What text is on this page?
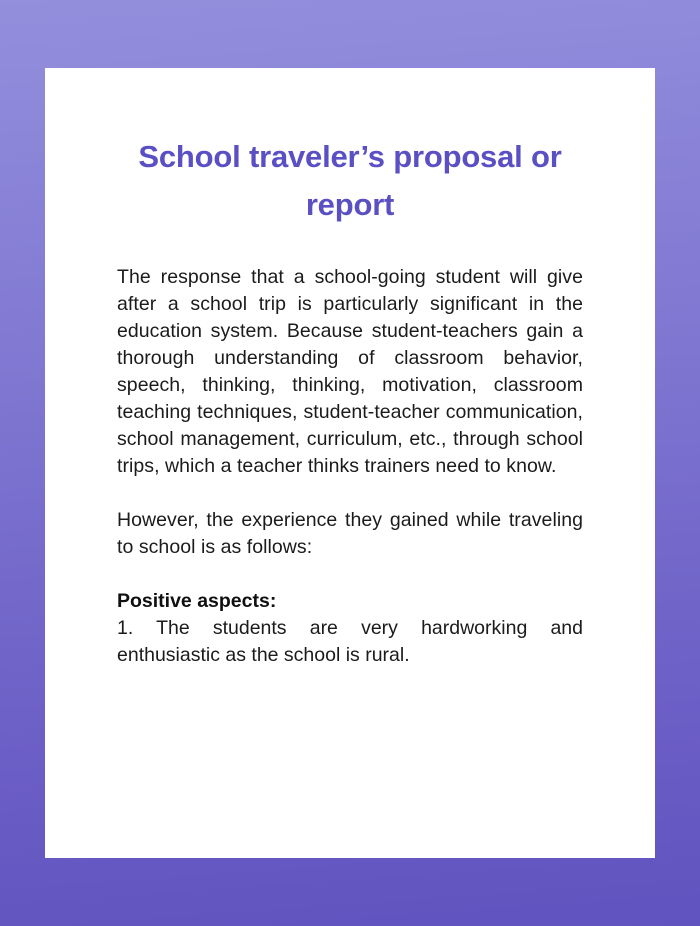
School traveler’s proposal or report

The response that a school-going student will give after a school trip is particularly significant in the education system. Because student-teachers gain a thorough understanding of classroom behavior, speech, thinking, thinking, motivation, classroom teaching techniques, student-teacher communication, school management, curriculum, etc., through school trips, which a teacher thinks trainers need to know.

However, the experience they gained while traveling to school is as follows:

Positive aspects:

1. The students are very hardworking and enthusiastic as the school is rural.
